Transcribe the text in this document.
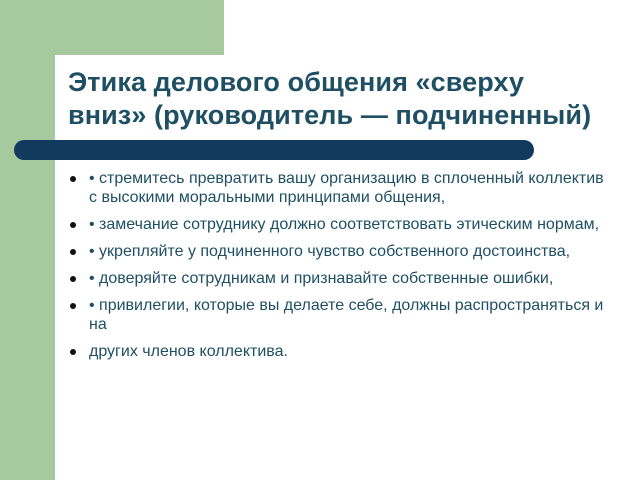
Этика делового общения «сверху
вниз» (руководитель — подчиненный)
• стремитесь превратить вашу организацию в сплоченный коллектив с высокими моральными принципами общения,
• замечание сотруднику должно соответствовать этическим нормам,
• укрепляйте у подчиненного чувство собственного достоинства,
• доверяйте сотрудникам и признавайте собственные ошибки,
• привилегии, которые вы делаете себе, должны распространяться и на
других членов коллектива.
